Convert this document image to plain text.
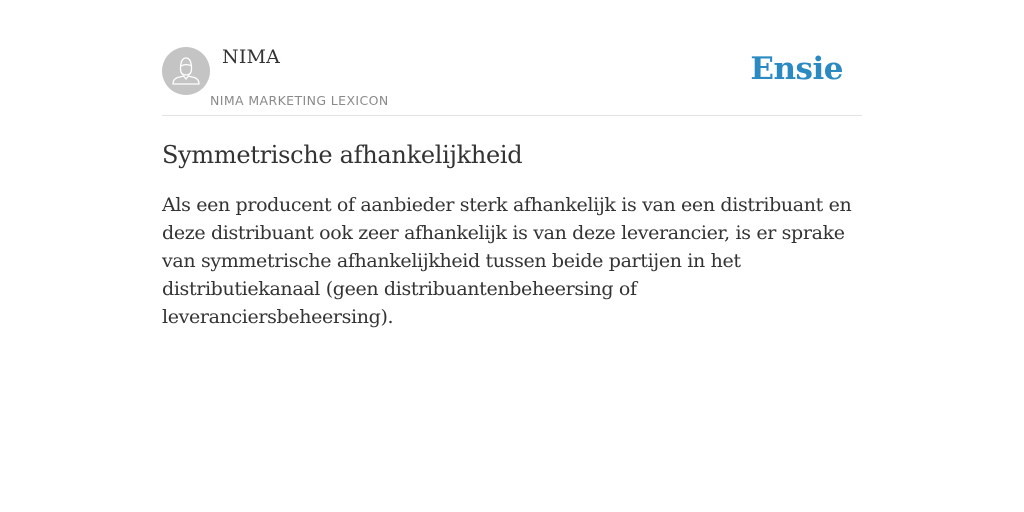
NIMA
NIMA MARKETING LEXICON
Ensie
Symmetrische afhankelijkheid

Als een producent of aanbieder sterk afhankelijk is van een distribuant en deze distribuant ook zeer afhankelijk is van deze leverancier, is er sprake van symmetrische afhankelijkheid tussen beide partijen in het distributiekanaal (geen distribuantenbeheersing of leveranciersbeheersing).
